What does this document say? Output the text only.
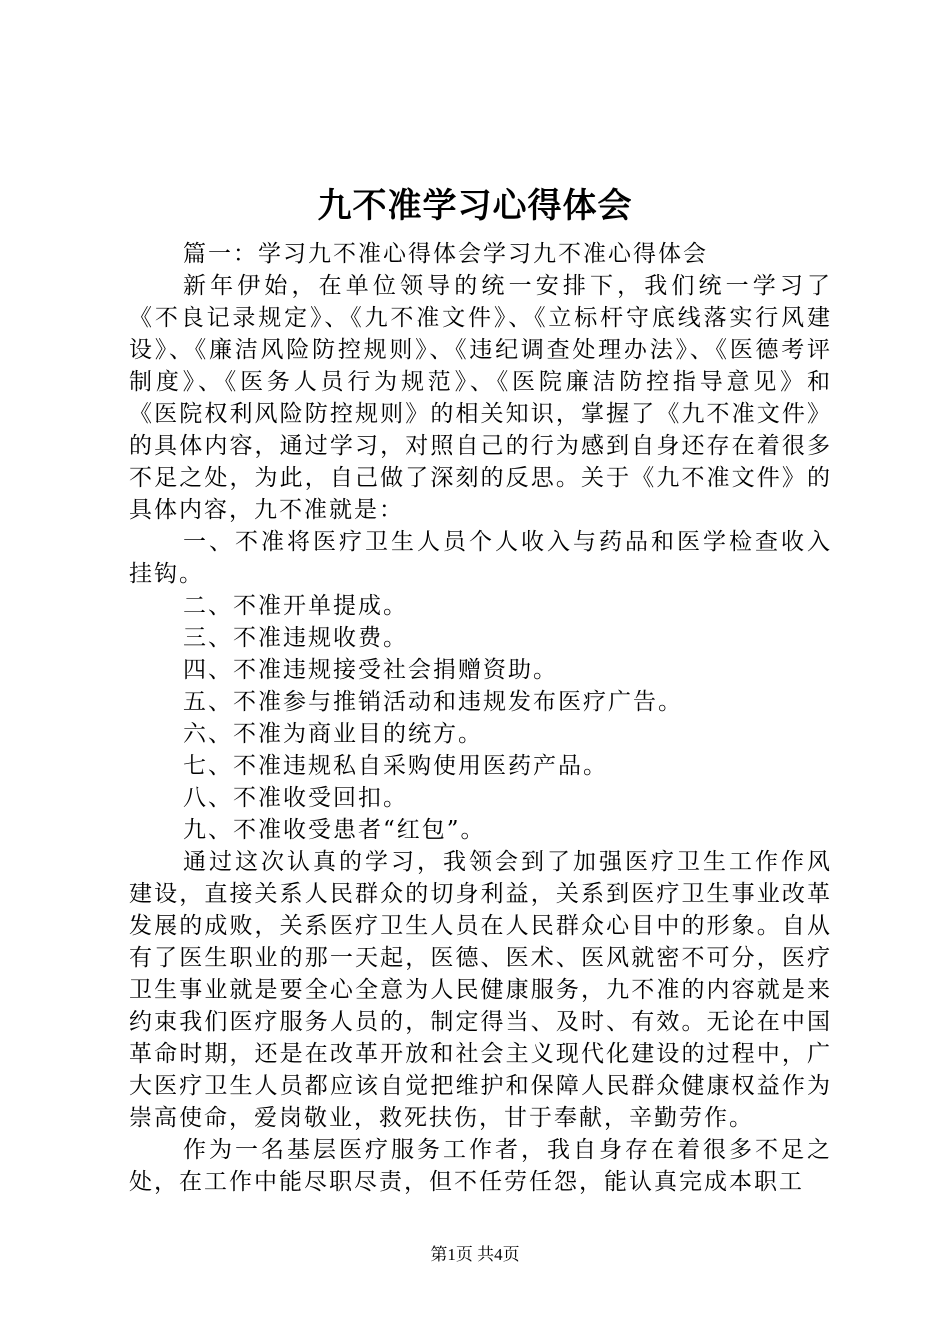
九不准学习心得体会

篇一：学习九不准心得体会学习九不准心得体会

新年伊始，在单位领导的统一安排下，我们统一学习了《不良记录规定》、《九不准文件》、《立标杆守底线落实行风建设》、《廉洁风险防控规则》、《违纪调查处理办法》、《医德考评制度》、《医务人员行为规范》、《医院廉洁防控指导意见》和《医院权利风险防控规则》的相关知识，掌握了《九不准文件》的具体内容，通过学习，对照自己的行为感到自身还存在着很多不足之处，为此，自己做了深刻的反思。关于《九不准文件》的具体内容，九不准就是：

一、不准将医疗卫生人员个人收入与药品和医学检查收入挂钩。

二、不准开单提成。

三、不准违规收费。

四、不准违规接受社会捐赠资助。

五、不准参与推销活动和违规发布医疗广告。

六、不准为商业目的统方。

七、不准违规私自采购使用医药产品。

八、不准收受回扣。

九、不准收受患者“红包”。

通过这次认真的学习，我领会到了加强医疗卫生工作作风建设，直接关系人民群众的切身利益，关系到医疗卫生事业改革发展的成败，关系医疗卫生人员在人民群众心目中的形象。自从有了医生职业的那一天起，医德、医术、医风就密不可分，医疗卫生事业就是要全心全意为人民健康服务，九不准的内容就是来约束我们医疗服务人员的，制定得当、及时、有效。无论在中国革命时期，还是在改革开放和社会主义现代化建设的过程中，广大医疗卫生人员都应该自觉把维护和保障人民群众健康权益作为崇高使命，爱岗敬业，救死扶伤，甘于奉献，辛勤劳作。

作为一名基层医疗服务工作者，我自身存在着很多不足之处，在工作中能尽职尽责，但不任劳任怨，能认真完成本职工

第1页 共4页
